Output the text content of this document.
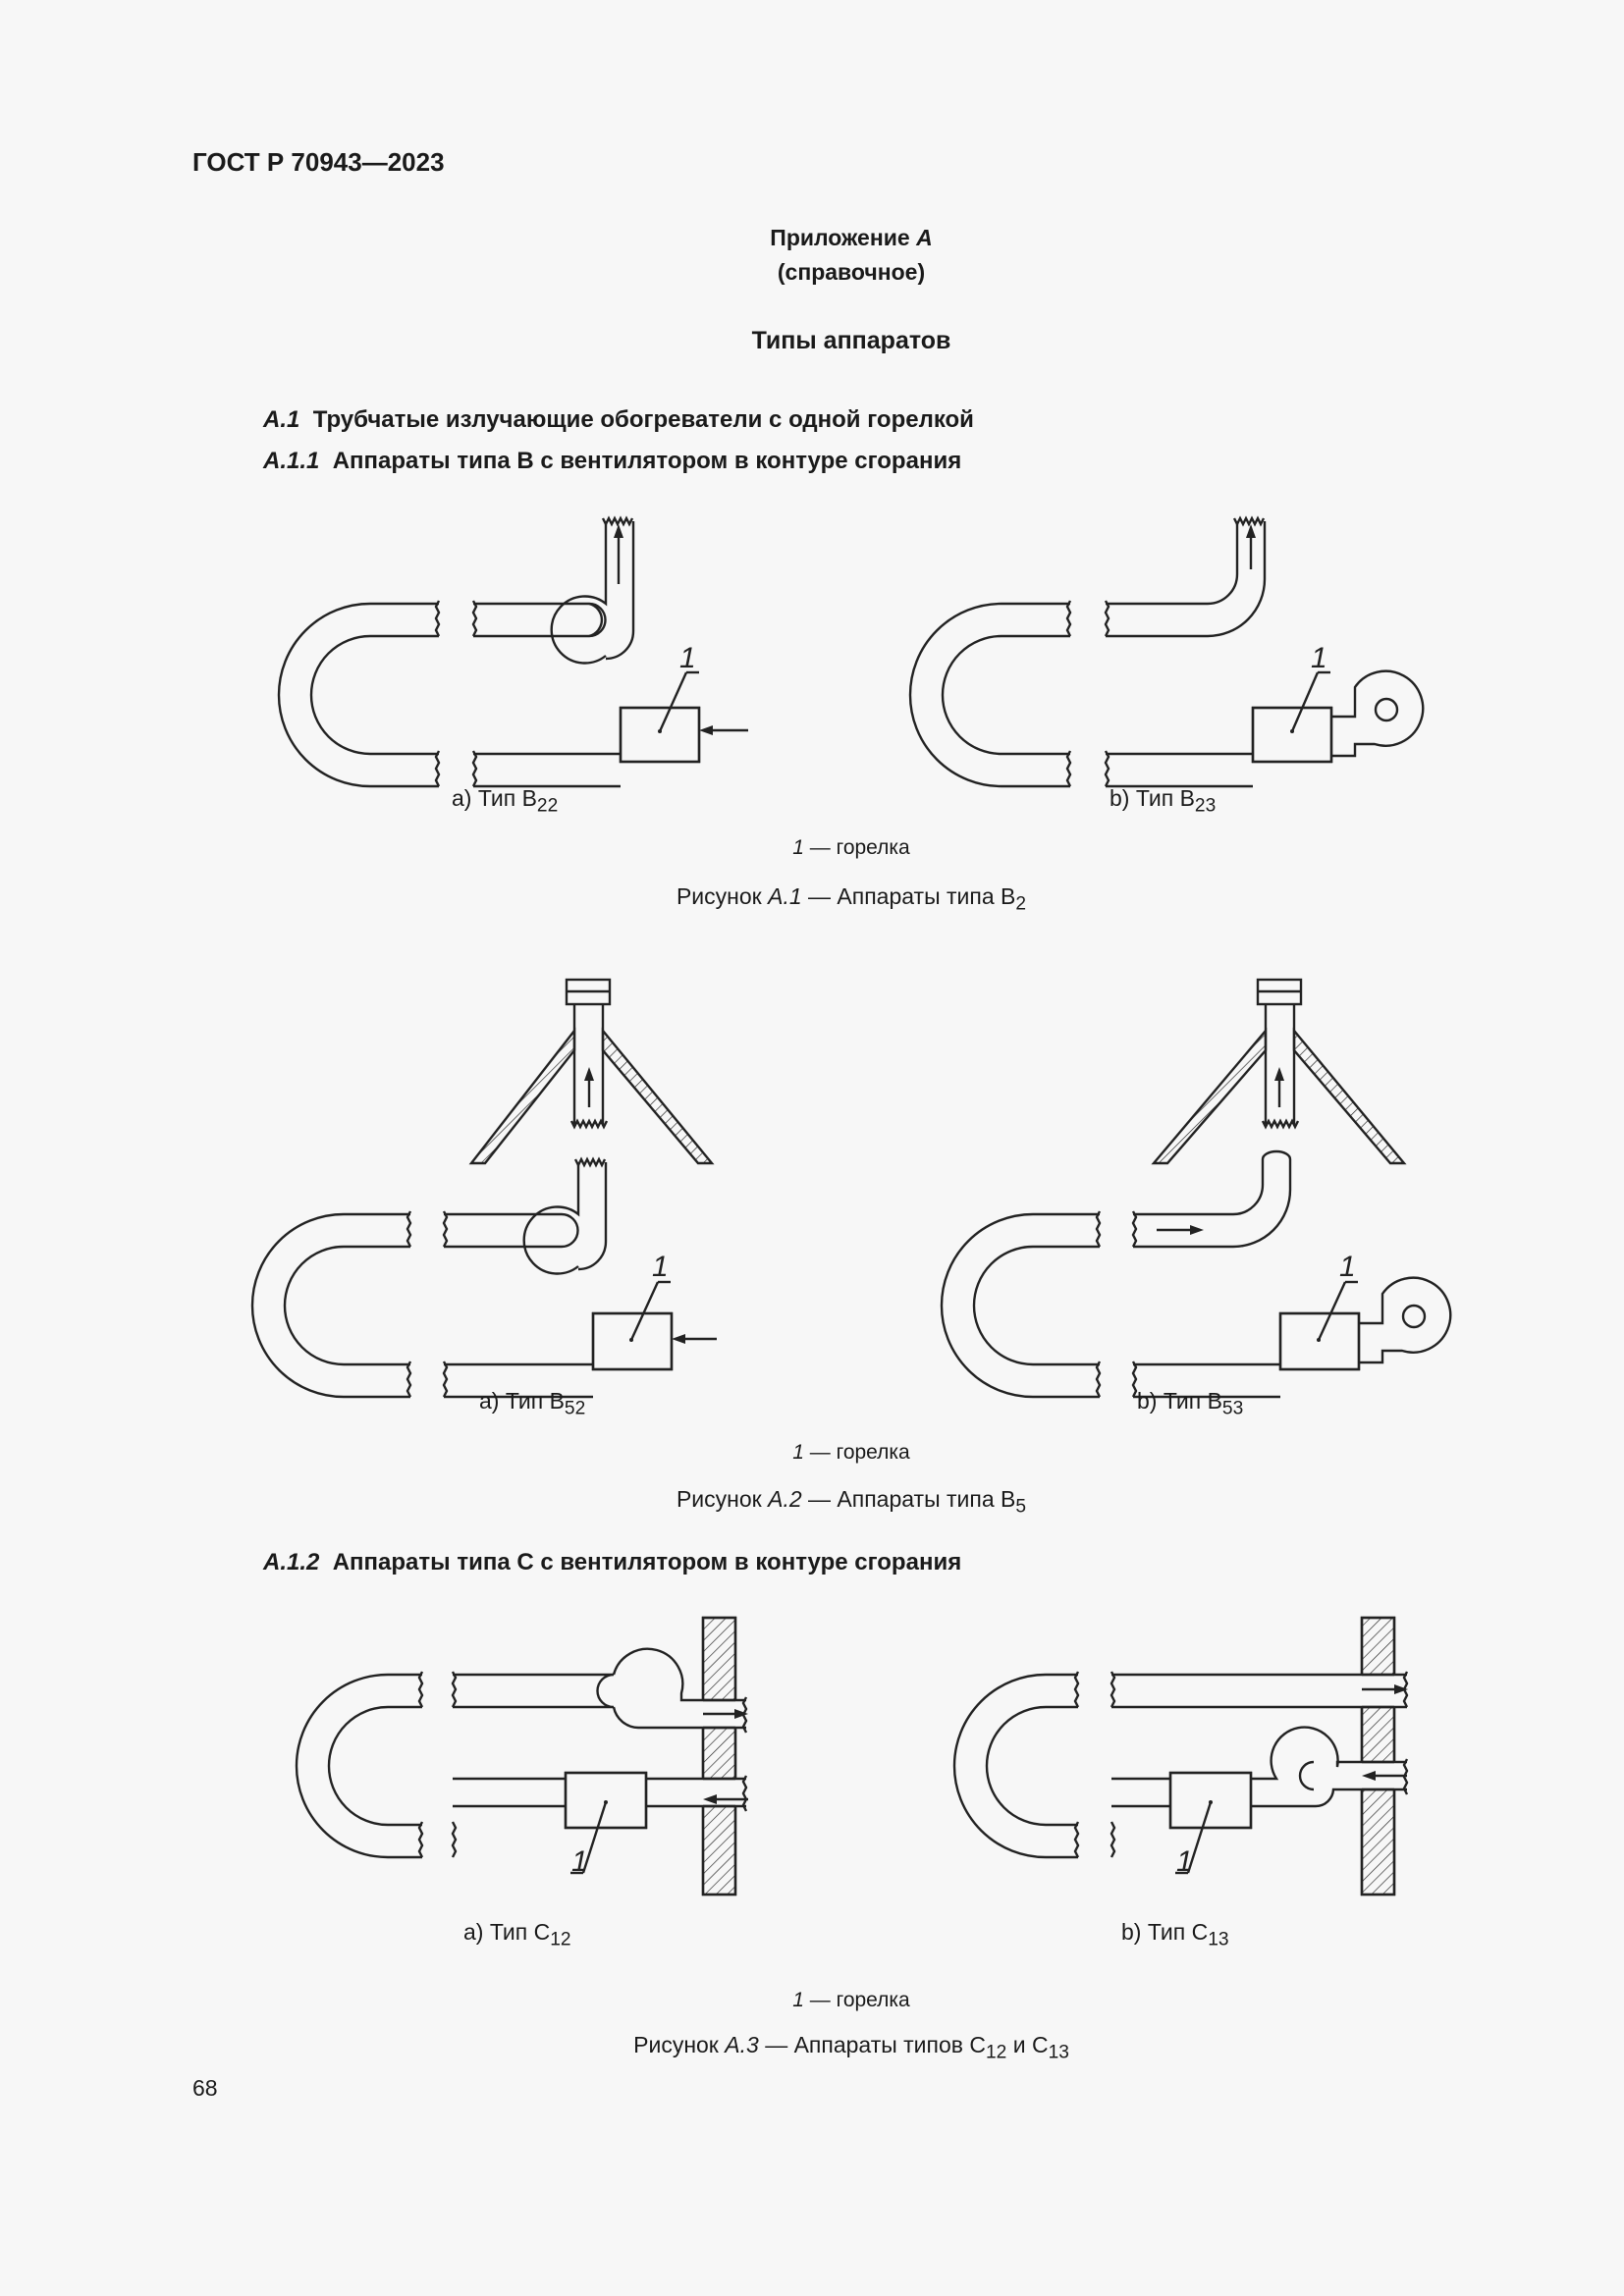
ГОСТ Р 70943—2023
Приложение А
(справочное)
Типы аппаратов
А.1 Трубчатые излучающие обогреватели с одной горелкой
А.1.1 Аппараты типа В с вентилятором в контуре сгорания
1	1
a) Тип $В_{22}$	b) Тип $В_{23}$
1 — горелка
Рисунок А.1 — Аппараты типа $В_2$
1	1
a) Тип $В_{52}$	b) Тип $В_{53}$
1 — горелка
Рисунок А.2 — Аппараты типа $В_5$
А.1.2 Аппараты типа С с вентилятором в контуре сгорания
1	1
a) Тип $С_{12}$	b) Тип $С_{13}$
1 — горелка
Рисунок А.3 — Аппараты типов $С_{12}$ и $С_{13}$
68
